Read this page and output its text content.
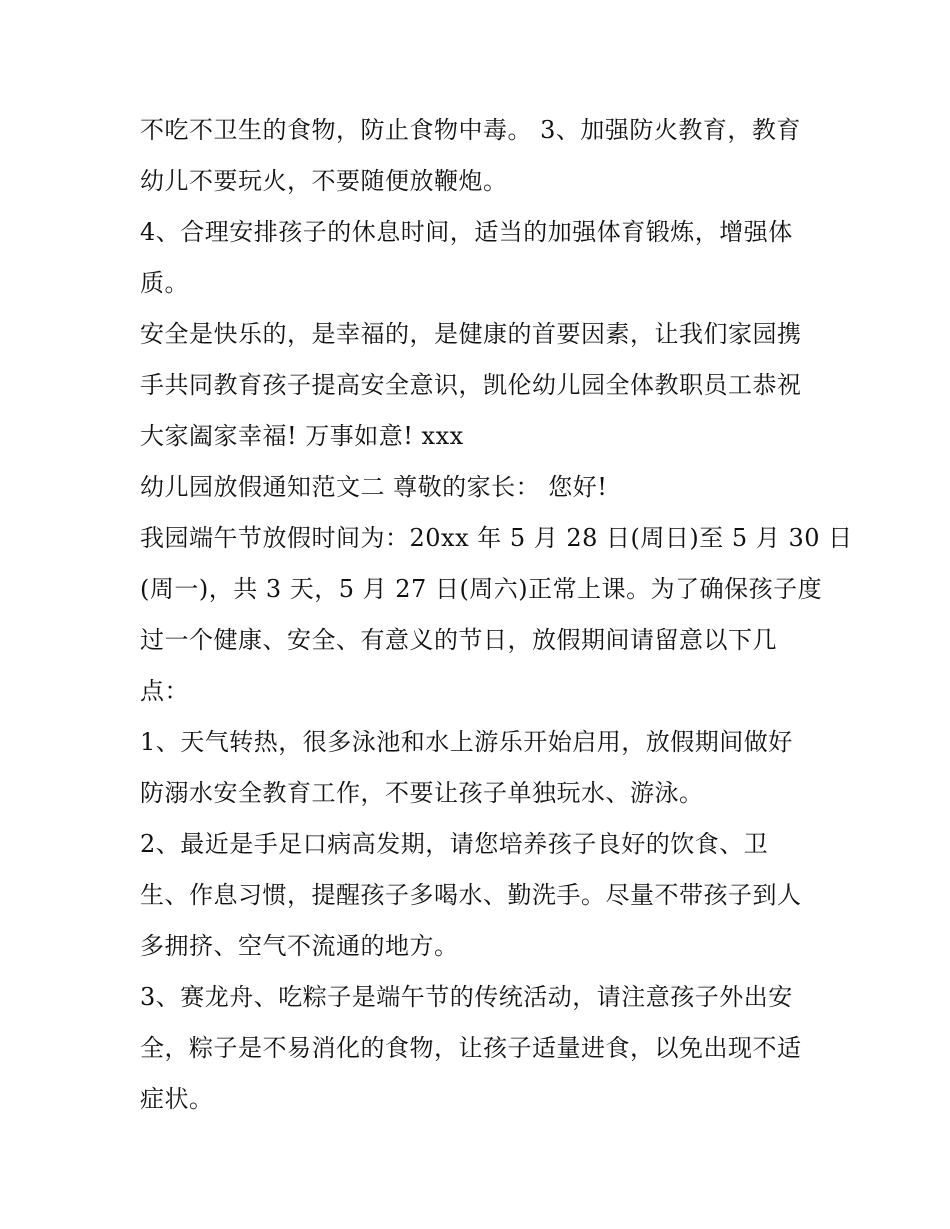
不吃不卫生的食物，防止食物中毒。 3、加强防火教育，教育
幼儿不要玩火，不要随便放鞭炮。
4、合理安排孩子的休息时间，适当的加强体育锻炼，增强体
质。
安全是快乐的，是幸福的，是健康的首要因素，让我们家园携
手共同教育孩子提高安全意识，凯伦幼儿园全体教职员工恭祝
大家阖家幸福! 万事如意! xxx
幼儿园放假通知范文二 尊敬的家长： 您好!
我园端午节放假时间为：20xx 年 5 月 28 日(周日)至 5 月 30 日
(周一)，共 3 天，5 月 27 日(周六)正常上课。为了确保孩子度
过一个健康、安全、有意义的节日，放假期间请留意以下几
点：
1、天气转热，很多泳池和水上游乐开始启用，放假期间做好
防溺水安全教育工作，不要让孩子单独玩水、游泳。
2、最近是手足口病高发期，请您培养孩子良好的饮食、卫
生、作息习惯，提醒孩子多喝水、勤洗手。尽量不带孩子到人
多拥挤、空气不流通的地方。
3、赛龙舟、吃粽子是端午节的传统活动，请注意孩子外出安
全，粽子是不易消化的食物，让孩子适量进食，以免出现不适
症状。
